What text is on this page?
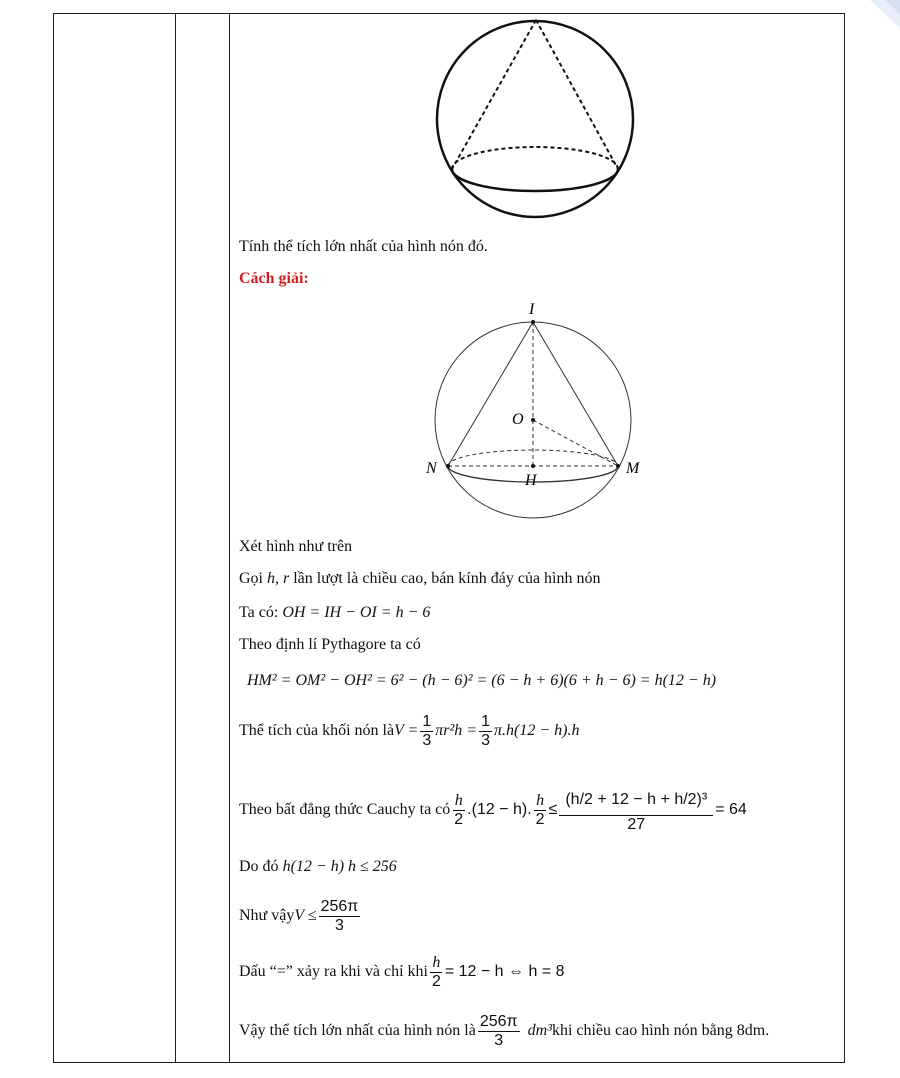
Tính thể tích lớn nhất của hình nón đó.
Cách giải:
I
O
N
H
M
Xét hình như trên
Gọi h, r lần lượt là chiều cao, bán kính đáy của hình nón
Ta có: OH = IH − OI = h − 6
Theo định lí Pythagore ta có
HM² = OM² − OH² = 6² − (h − 6)² = (6 − h + 6)(6 + h − 6) = h(12 − h)
Thể tích của khối nón là $V = \frac{1}{3} \pi r^2h = \frac{1}{3} \pi.h(12 - h).h$
Theo bất đẳng thức Cauchy ta có $\frac{h}{2} .(12 - h)$. $\frac{h}{2} \le \frac{\text{(h/2 + 12 − h + h/2)³}}{27} = 64$
Do đó h(12 − h) h ≤ 256
Như vậy $V \le \frac{256\pi}{3}$
Dấu “=” xảy ra khi và chỉ khi $\frac{h}{2} = 12 - h$ ⇔ h = 8
Vậy thể tích lớn nhất của hình nón là $\frac{256\pi}{3} dm^3$ khi chiều cao hình nón bằng 8dm.
